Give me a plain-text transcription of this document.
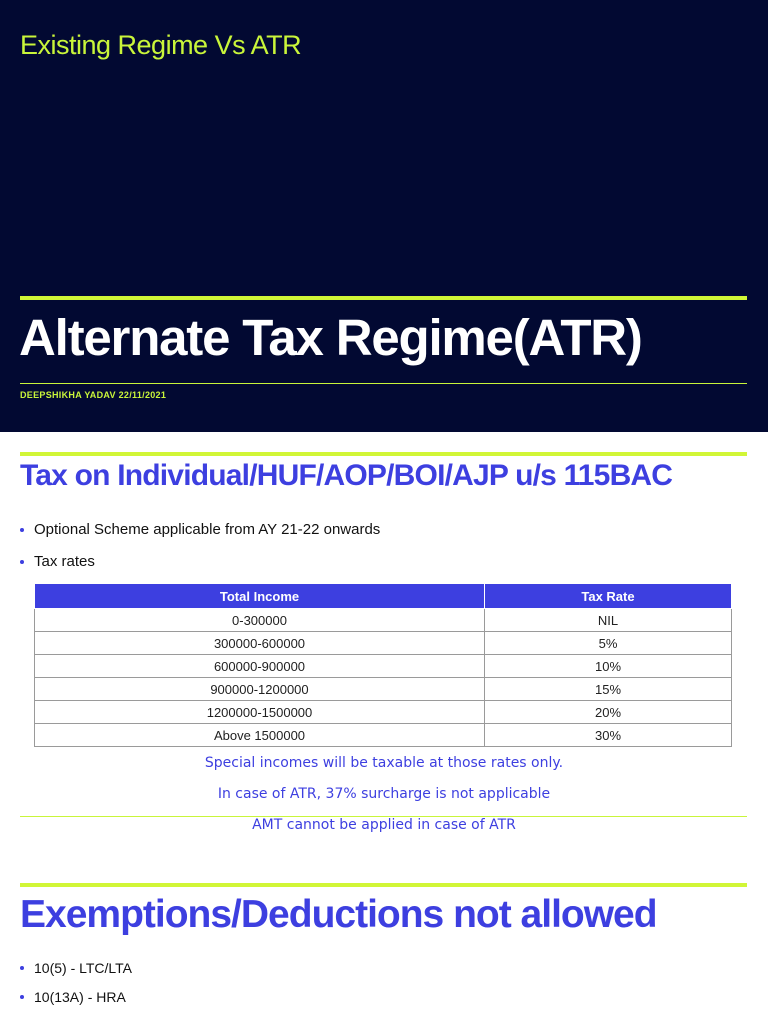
Existing Regime Vs ATR
Alternate Tax Regime(ATR)
DEEPSHIKHA YADAV 22/11/2021
Tax on Individual/HUF/AOP/BOI/AJP u/s 115BAC
Optional Scheme applicable from AY 21-22 onwards
Tax rates
Total Income	Tax Rate
0-300000	NIL
300000-600000	5%
600000-900000	10%
900000-1200000	15%
1200000-1500000	20%
Above 1500000	30%
Special incomes will be taxable at those rates only.
In case of ATR, 37% surcharge is not applicable
AMT cannot be applied in case of ATR
Exemptions/Deductions not allowed
10(5) - LTC/LTA
10(13A) - HRA
